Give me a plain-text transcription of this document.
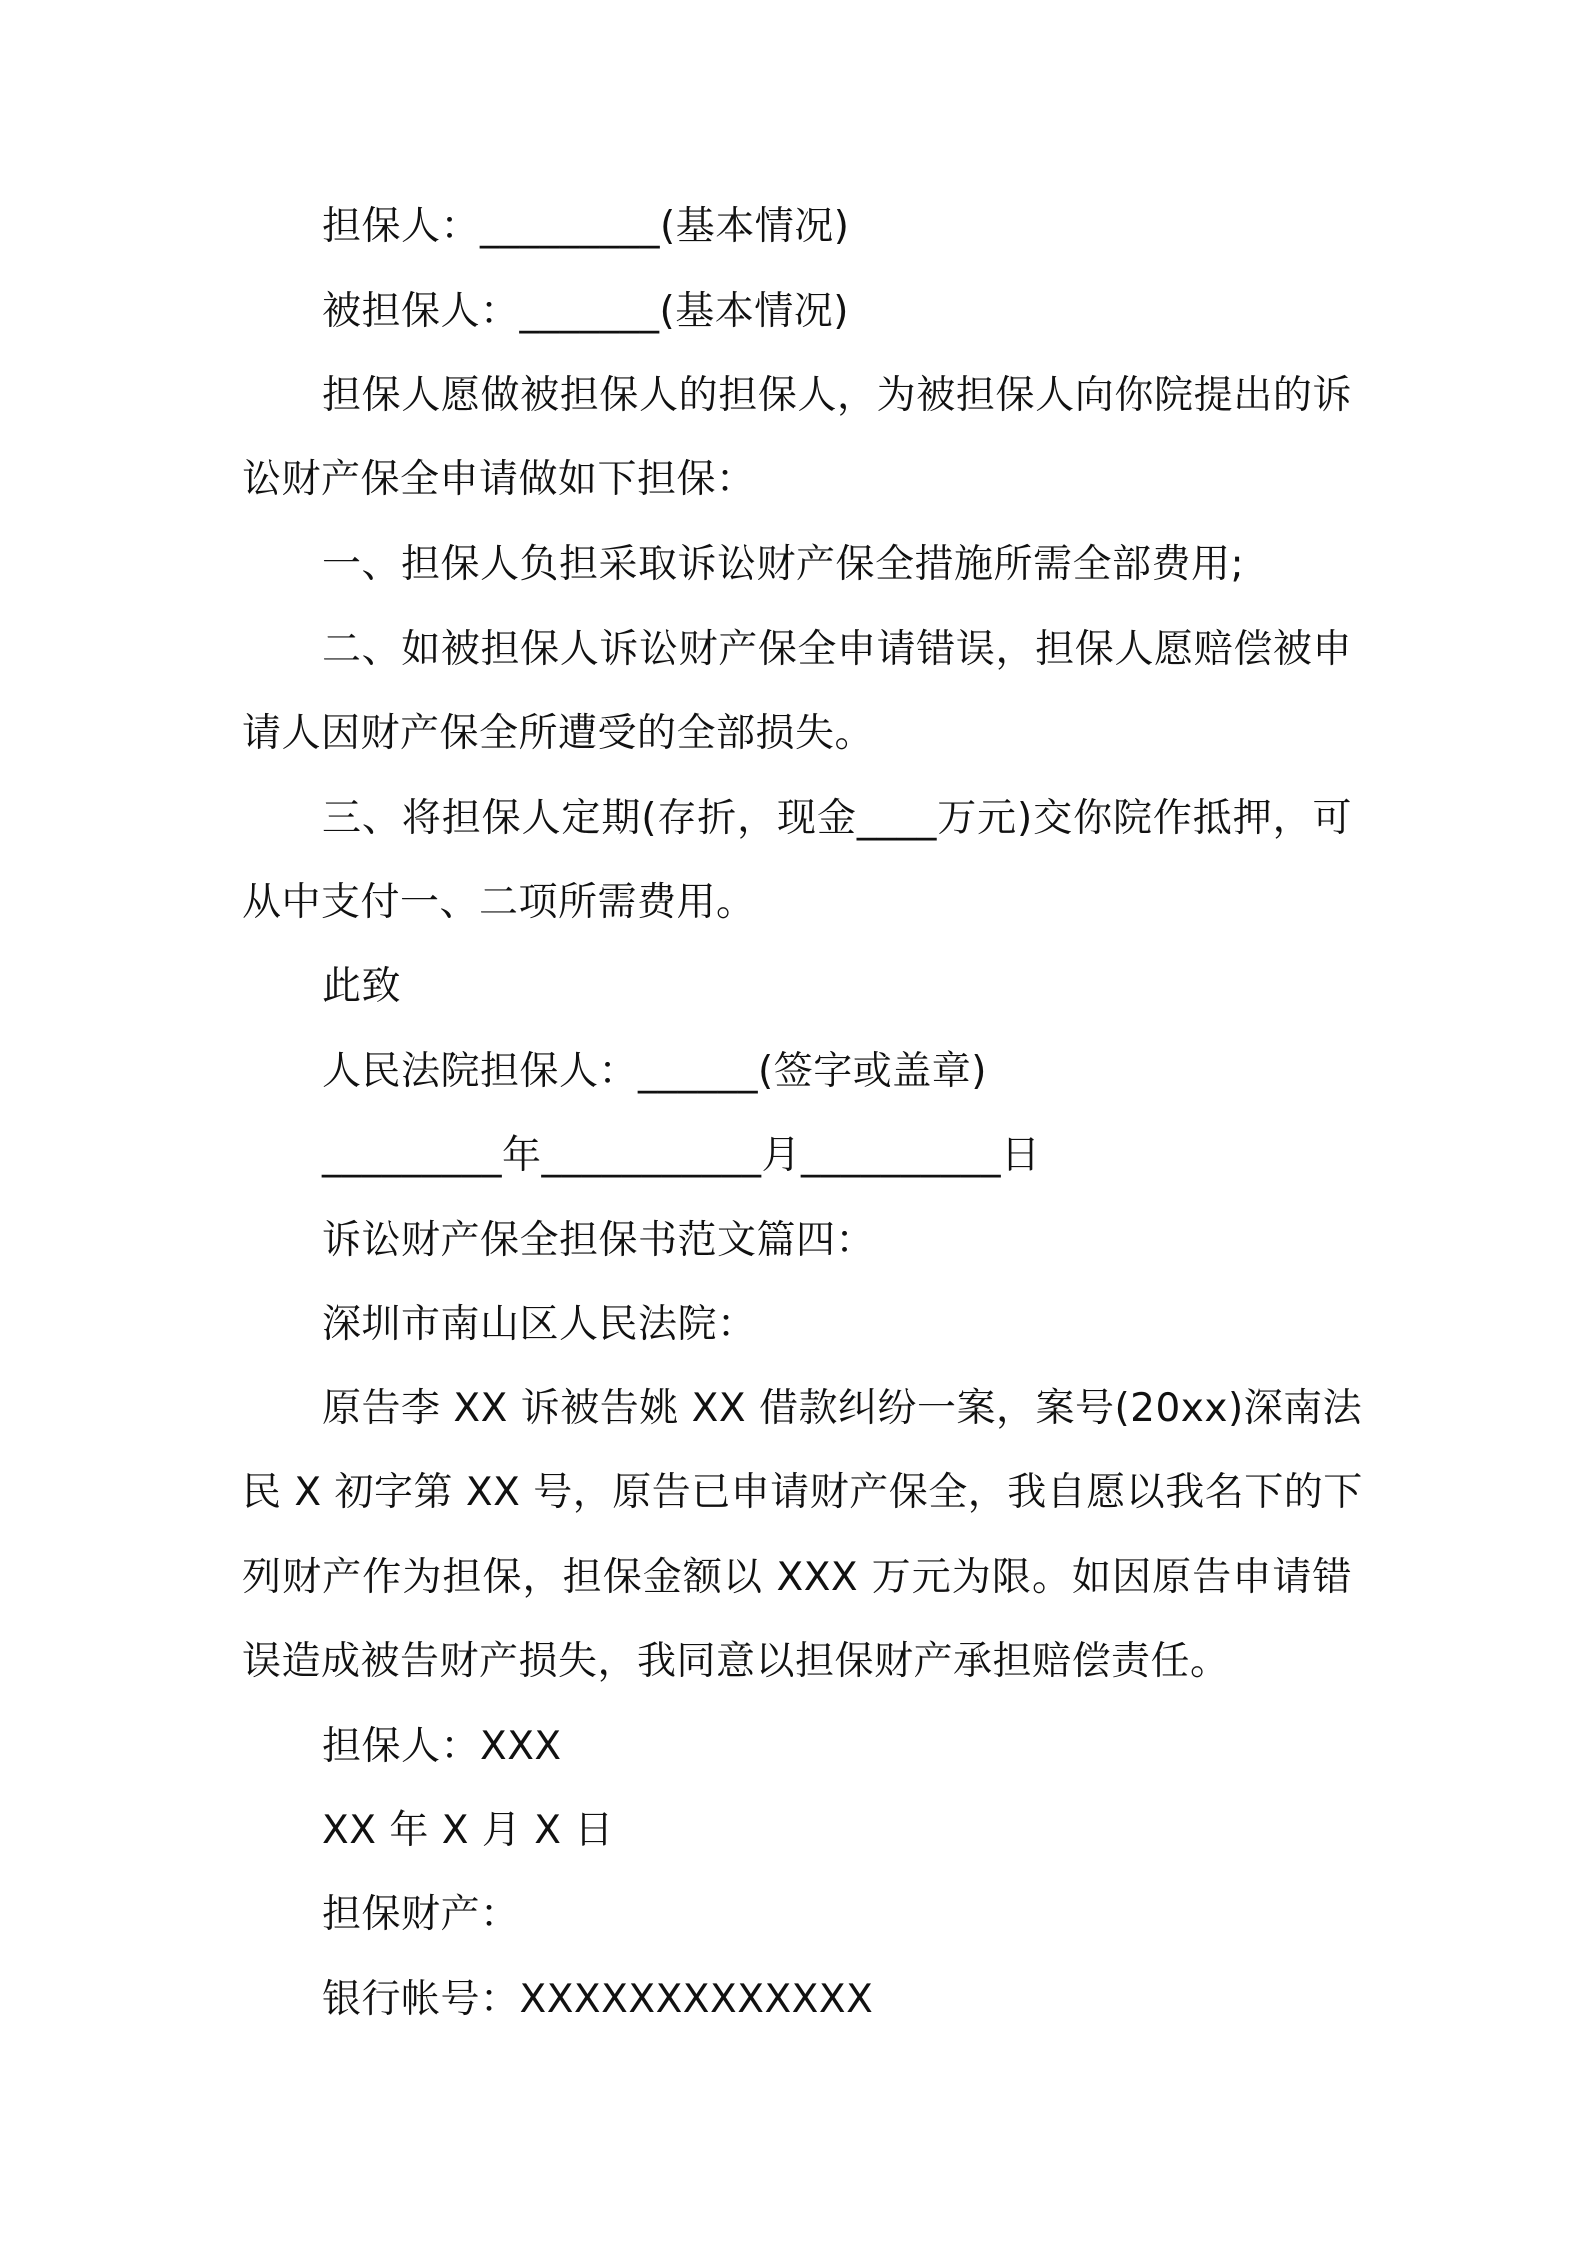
担保人：_________(基本情况)
被担保人：_______(基本情况)
担保人愿做被担保人的担保人，为被担保人向你院提出的诉
讼财产保全申请做如下担保：
一、担保人负担采取诉讼财产保全措施所需全部费用;
二、如被担保人诉讼财产保全申请错误，担保人愿赔偿被申
请人因财产保全所遭受的全部损失。
三、将担保人定期(存折，现金____万元)交你院作抵押，可
从中支付一、二项所需费用。
此致
人民法院担保人：______(签字或盖章)
_________年___________月__________日
诉讼财产保全担保书范文篇四：
深圳市南山区人民法院：
原告李 XX 诉被告姚 XX 借款纠纷一案，案号(20xx)深南法
民 X 初字第 XX 号，原告已申请财产保全，我自愿以我名下的下
列财产作为担保，担保金额以 XXX 万元为限。如因原告申请错
误造成被告财产损失，我同意以担保财产承担赔偿责任。
担保人：XXX
XX 年 X 月 X 日
担保财产：
银行帐号：XXXXXXXXXXXXX
